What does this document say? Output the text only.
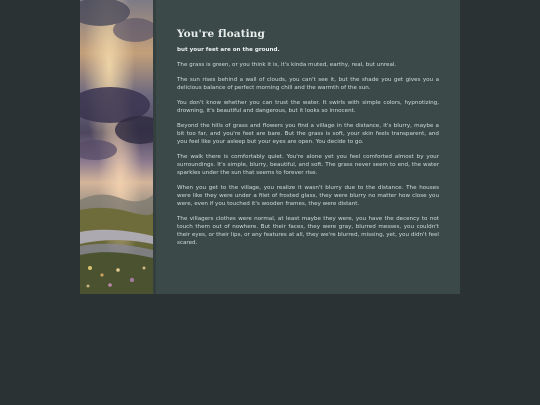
You're floating

but your feet are on the ground.

The grass is green, or you think it is, it's kinda muted, earthy, real, but unreal.

The sun rises behind a wall of clouds, you can't see it, but the shade you get gives you a delicious balance of perfect morning chill and the warmth of the sun.

You don't know whether you can trust the water. It swirls with simple colors, hypnotizing, drowning, it's beautiful and dangerous, but it looks so innocent.

Beyond the hills of grass and flowers you find a village in the distance, it's blurry, maybe a bit too far, and you're feet are bare. But the grass is soft, your skin feels transparent, and you feel like your asleep but your eyes are open. You decide to go.

The walk there is comfortably quiet. You're alone yet you feel comforted almost by your surroundings. It's simple, blurry, beautiful, and soft. The grass never seem to end, the water sparkles under the sun that seems to forever rise.

When you get to the village, you realize it wasn't blurry due to the distance. The houses were like they were under a filet of frosted glass, they were blurry no matter how close you were, even if you touched it's wooden frames, they were distant.

The villagers clothes were normal, at least maybe they were, you have the decency to not touch them out of nowhere. But their faces, they were gray, blurred messes, you couldn't their eyes, or their lips, or any features at all, they we're blurred, missing, yet, you didn't feel scared.
